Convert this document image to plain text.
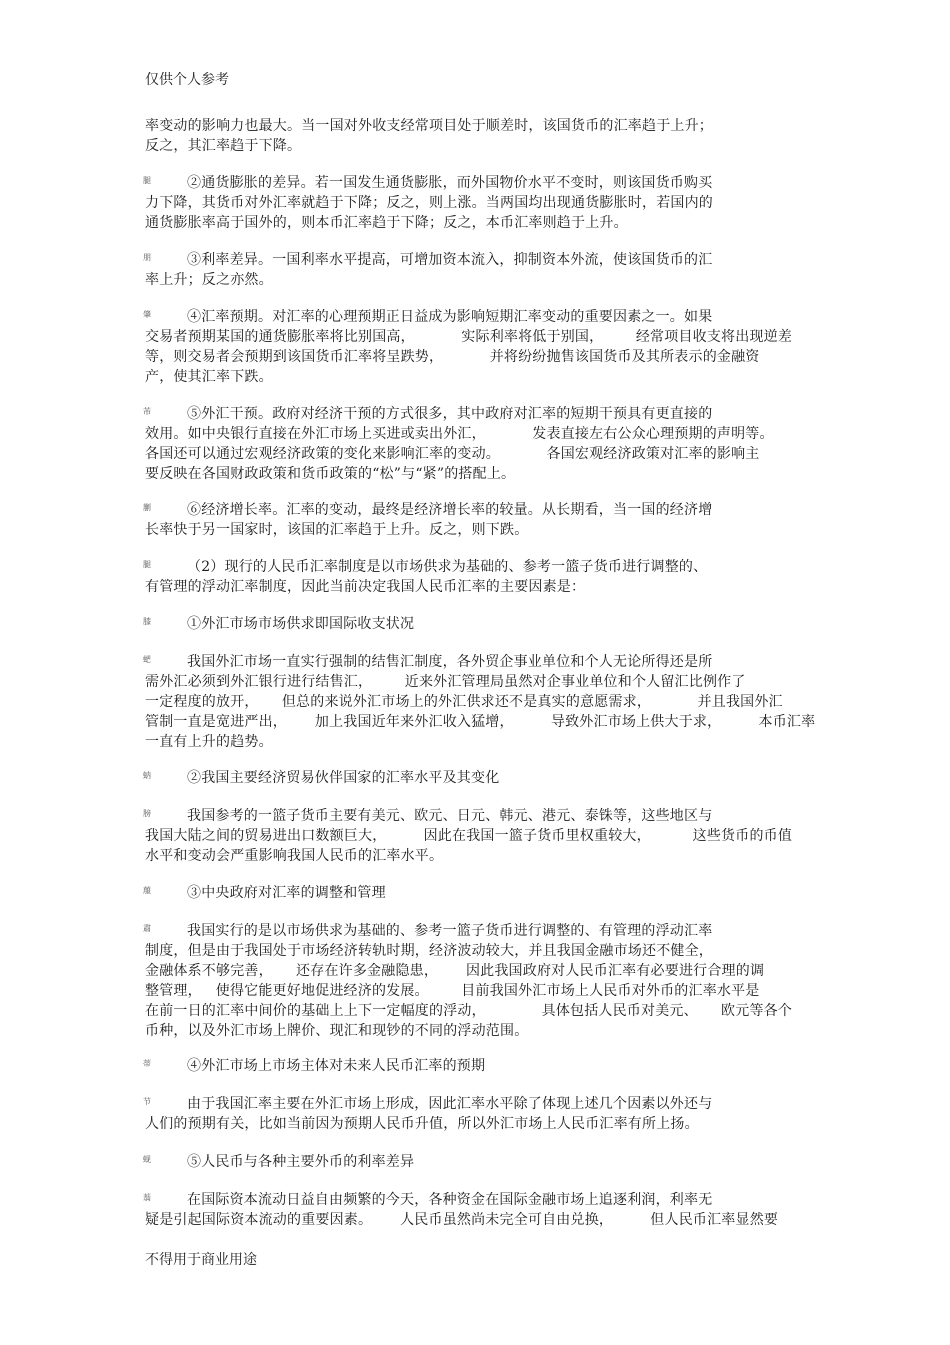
仅供个人参考
率变动的影响力也最大。当一国对外收支经常项目处于顺差时，该国货币的汇率趋于上升；
反之，其汇率趋于下降。
腿	②通货膨胀的差异。若一国发生通货膨胀，而外国物价水平不变时，则该国货币购买
力下降，其货币对外汇率就趋于下降；反之，则上涨。当两国均出现通货膨胀时，若国内的
通货膨胀率高于国外的，则本币汇率趋于下降；反之，本币汇率则趋于上升。
朋	③利率差异。一国利率水平提高，可增加资本流入，抑制资本外流，使该国货币的汇
率上升；反之亦然。
肇	④汇率预期。对汇率的心理预期正日益成为影响短期汇率变动的重要因素之一。如果
交易者预期某国的通货膨胀率将比别国高，          实际利率将低于别国，       经常项目收支将出现逆差
等，则交易者会预期到该国货币汇率将呈跌势，          并将纷纷抛售该国货币及其所表示的金融资
产，使其汇率下跌。
芾	⑤外汇干预。政府对经济干预的方式很多，其中政府对汇率的短期干预具有更直接的
效用。如中央银行直接在外汇市场上买进或卖出外汇，          发表直接左右公众心理预期的声明等。
各国还可以通过宏观经济政策的变化来影响汇率的变动。          各国宏观经济政策对汇率的影响主
要反映在各国财政政策和货币政策的“松”与“紧”的搭配上。
蒯	⑥经济增长率。汇率的变动，最终是经济增长率的较量。从长期看，当一国的经济增
长率快于另一国家时，该国的汇率趋于上升。反之，则下跌。
腿	（2）现行的人民币汇率制度是以市场供求为基础的、参考一篮子货币进行调整的、
有管理的浮动汇率制度，因此当前决定我国人民币汇率的主要因素是：
膝	①外汇市场市场供求即国际收支状况
蚆	我国外汇市场一直实行强制的结售汇制度，各外贸企事业单位和个人无论所得还是所
需外汇必须到外汇银行进行结售汇，       近来外汇管理局虽然对企事业单位和个人留汇比例作了
一定程度的放开，     但总的来说外汇市场上的外汇供求还不是真实的意愿需求，          并且我国外汇
管制一直是宽进严出，      加上我国近年来外汇收入猛增，        导致外汇市场上供大于求，        本币汇率
一直有上升的趋势。
蚋	②我国主要经济贸易伙伴国家的汇率水平及其变化
膀	我国参考的一篮子货币主要有美元、欧元、日元、韩元、港元、泰铢等，这些地区与
我国大陆之间的贸易进出口数额巨大，        因此在我国一篮子货币里权重较大，         这些货币的币值
水平和变动会严重影响我国人民币的汇率水平。
菔	③中央政府对汇率的调整和管理
肅	我国实行的是以市场供求为基础的、参考一篮子货币进行调整的、有管理的浮动汇率
制度，但是由于我国处于市场经济转轨时期，经济波动较大，并且我国金融市场还不健全，
金融体系不够完善，     还存在许多金融隐患，      因此我国政府对人民币汇率有必要进行合理的调
整管理，   使得它能更好地促进经济的发展。       目前我国外汇市场上人民币对外币的汇率水平是
在前一日的汇率中间价的基础上上下一定幅度的浮动，            具体包括人民币对美元、     欧元等各个
币种，以及外汇市场上牌价、现汇和现钞的不同的浮动范围。
蒂	④外汇市场上市场主体对未来人民币汇率的预期
节	由于我国汇率主要在外汇市场上形成，因此汇率水平除了体现上述几个因素以外还与
人们的预期有关，比如当前因为预期人民币升值，所以外汇市场上人民币汇率有所上扬。
蚬	⑤人民币与各种主要外币的利率差异
蓊	在国际资本流动日益自由频繁的今天，各种资金在国际金融市场上追逐利润，利率无
疑是引起国际资本流动的重要因素。      人民币虽然尚未完全可自由兑换，        但人民币汇率显然要
不得用于商业用途
